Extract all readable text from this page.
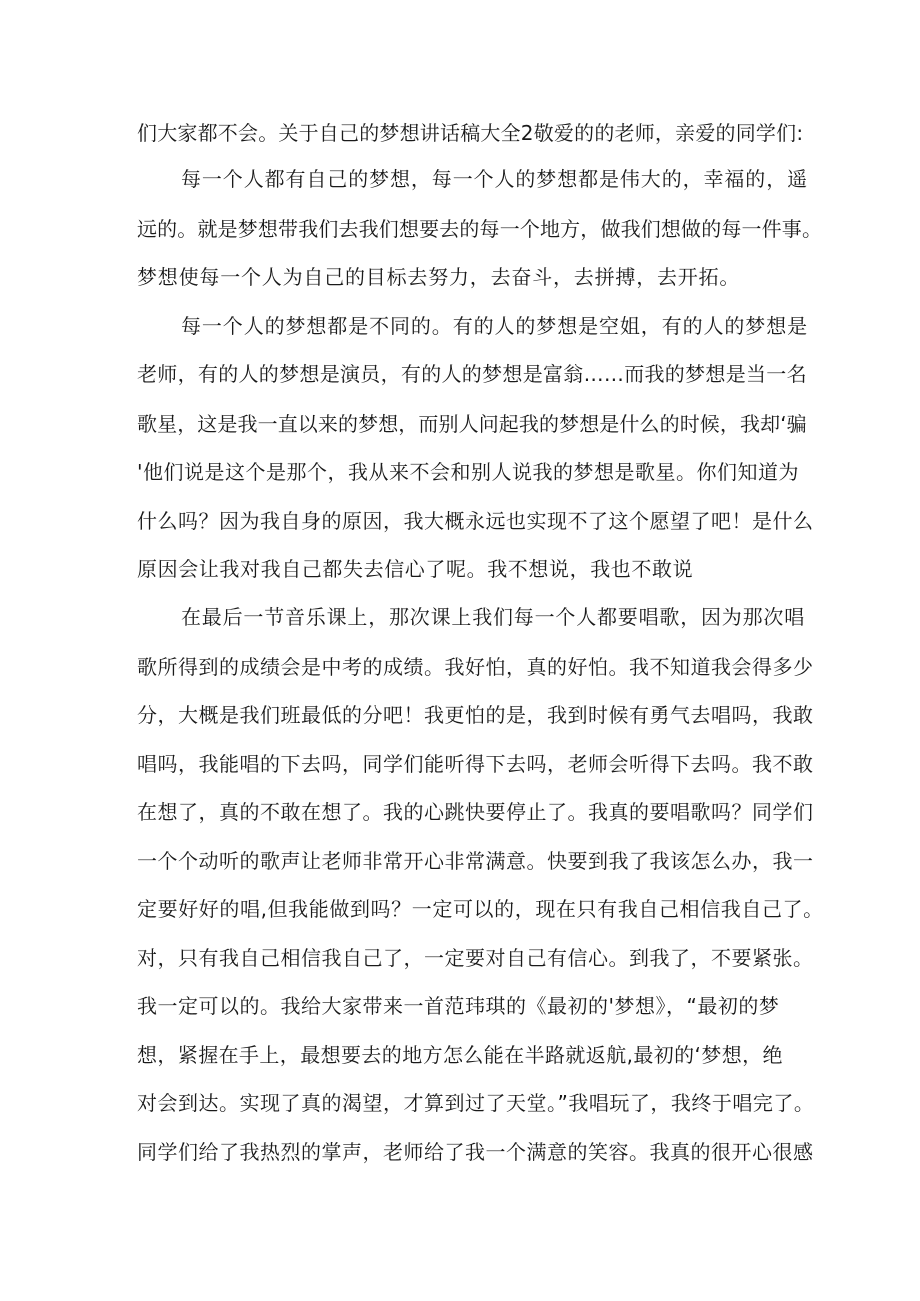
们大家都不会。关于自己的梦想讲话稿大全2敬爱的的老师，亲爱的同学们:
每一个人都有自己的梦想，每一个人的梦想都是伟大的，幸福的，遥
远的。就是梦想带我们去我们想要去的每一个地方，做我们想做的每一件事。
梦想使每一个人为自己的目标去努力，去奋斗，去拼搏，去开拓。
每一个人的梦想都是不同的。有的人的梦想是空姐，有的人的梦想是
老师，有的人的梦想是演员，有的人的梦想是富翁……而我的梦想是当一名
歌星，这是我一直以来的梦想，而别人问起我的梦想是什么的时候，我却‘骗
'他们说是这个是那个，我从来不会和别人说我的梦想是歌星。你们知道为
什么吗？因为我自身的原因，我大概永远也实现不了这个愿望了吧！是什么
原因会让我对我自己都失去信心了呢。我不想说，我也不敢说
在最后一节音乐课上，那次课上我们每一个人都要唱歌，因为那次唱
歌所得到的成绩会是中考的成绩。我好怕，真的好怕。我不知道我会得多少
分，大概是我们班最低的分吧！我更怕的是，我到时候有勇气去唱吗，我敢
唱吗，我能唱的下去吗，同学们能听得下去吗，老师会听得下去吗。我不敢
在想了，真的不敢在想了。我的心跳快要停止了。我真的要唱歌吗？同学们
一个个动听的歌声让老师非常开心非常满意。快要到我了我该怎么办，我一
定要好好的唱,但我能做到吗？一定可以的，现在只有我自己相信我自己了。
对，只有我自己相信我自己了，一定要对自己有信心。到我了，不要紧张。
我一定可以的。我给大家带来一首范玮琪的《最初的'梦想》，“最初的梦
想，紧握在手上，最想要去的地方怎么能在半路就返航,最初的‘梦想，绝
对会到达。实现了真的渴望，才算到过了天堂。”我唱玩了，我终于唱完了。
同学们给了我热烈的掌声，老师给了我一个满意的笑容。我真的很开心很感
